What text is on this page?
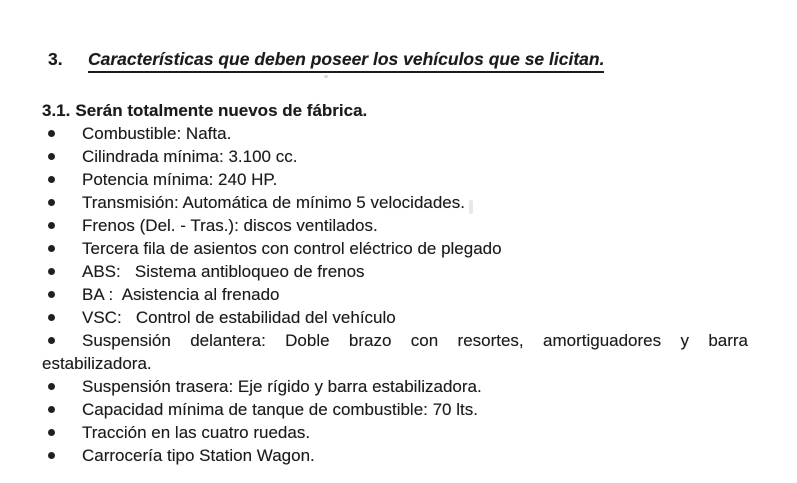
3.	Características que deben poseer los vehículos que se licitan.
3.1. Serán totalmente nuevos de fábrica.
Combustible: Nafta.
Cilindrada mínima: 3.100 cc.
Potencia mínima: 240 HP.
Transmisión: Automática de mínimo 5 velocidades.
Frenos (Del. - Tras.): discos ventilados.
Tercera fila de asientos con control eléctrico de plegado
ABS:   Sistema antibloqueo de frenos
BA :  Asistencia al frenado
VSC:   Control de estabilidad del vehículo
Suspensión delantera: Doble brazo con resortes, amortiguadores y barra
estabilizadora.
Suspensión trasera: Eje rígido y barra estabilizadora.
Capacidad mínima de tanque de combustible: 70 lts.
Tracción en las cuatro ruedas.
Carrocería tipo Station Wagon.
